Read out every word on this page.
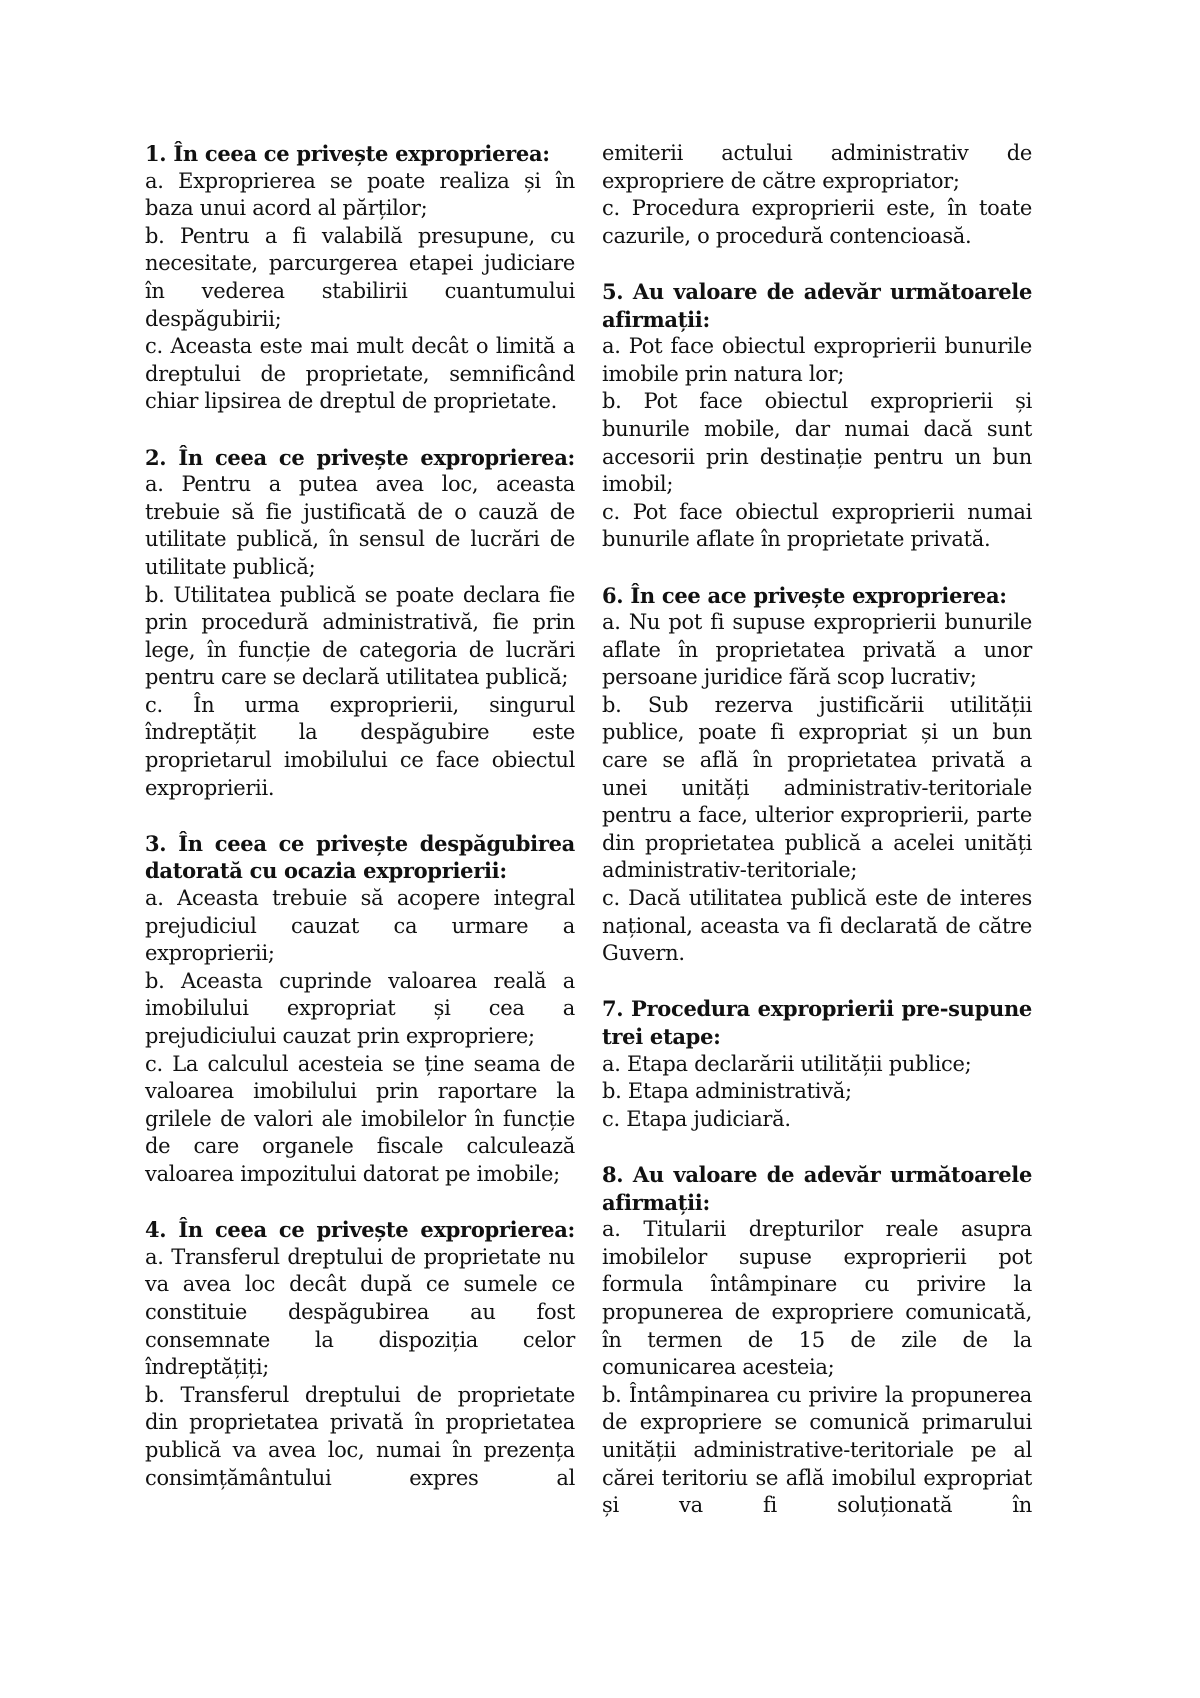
1. În ceea ce privește exproprierea:

a. Exproprierea se poate realiza și în baza unui acord al părților;

b. Pentru a fi valabilă presupune, cu necesitate, parcurgerea etapei judiciare în vederea stabilirii cuantumului despăgubirii;

c. Aceasta este mai mult decât o limită a dreptului de proprietate, semnificând chiar lipsirea de dreptul de proprietate.

2. În ceea ce privește exproprierea:

a. Pentru a putea avea loc, aceasta trebuie să fie justificată de o cauză de utilitate publică, în sensul de lucrări de utilitate publică;

b. Utilitatea publică se poate declara fie prin procedură administrativă, fie prin lege, în funcție de categoria de lucrări pentru care se declară utilitatea publică;

c. În urma exproprierii, singurul îndreptățit la despăgubire este proprietarul imobilului ce face obiectul exproprierii.

3. În ceea ce privește despăgubirea datorată cu ocazia exproprierii:

a. Aceasta trebuie să acopere integral prejudiciul cauzat ca urmare a exproprierii;

b. Aceasta cuprinde valoarea reală a imobilului expropriat și cea a prejudiciului cauzat prin expropriere;

c. La calculul acesteia se ține seama de valoarea imobilului prin raportare la grilele de valori ale imobilelor în funcție de care organele fiscale calculează valoarea impozitului datorat pe imobile;

4. În ceea ce privește exproprierea:

a. Transferul dreptului de proprietate nu va avea loc decât după ce sumele ce constituie despăgubirea au fost consemnate la dispoziția celor îndreptățiți;

b. Transferul dreptului de proprietate din proprietatea privată în proprietatea publică va avea loc, numai în prezența consimțământului expres al

emiterii actului administrativ de expropriere de către expropriator;

c. Procedura exproprierii este, în toate cazurile, o procedură contencioasă.

5. Au valoare de adevăr următoarele afirmații:

a. Pot face obiectul exproprierii bunurile imobile prin natura lor;

b. Pot face obiectul exproprierii și bunurile mobile, dar numai dacă sunt accesorii prin destinație pentru un bun imobil;

c. Pot face obiectul exproprierii numai bunurile aflate în proprietate privată.

6. În cee ace privește exproprierea:

a. Nu pot fi supuse exproprierii bunurile aflate în proprietatea privată a unor persoane juridice fără scop lucrativ;

b. Sub rezerva justificării utilității publice, poate fi expropriat și un bun care se află în proprietatea privată a unei unități administrativ-teritoriale pentru a face, ulterior exproprierii, parte din proprietatea publică a acelei unități administrativ-teritoriale;

c. Dacă utilitatea publică este de interes național, aceasta va fi declarată de către Guvern.

7. Procedura exproprierii pre-supune trei etape:

a. Etapa declarării utilității publice;

b. Etapa administrativă;

c. Etapa judiciară.

8. Au valoare de adevăr următoarele afirmații:

a. Titularii drepturilor reale asupra imobilelor supuse exproprierii pot formula întâmpinare cu privire la propunerea de expropriere comunicată, în termen de 15 de zile de la comunicarea acesteia;

b. Întâmpinarea cu privire la propunerea de expropriere se comunică primarului unității administrative-teritoriale pe al cărei teritoriu se află imobilul expropriat și va fi soluționată în
